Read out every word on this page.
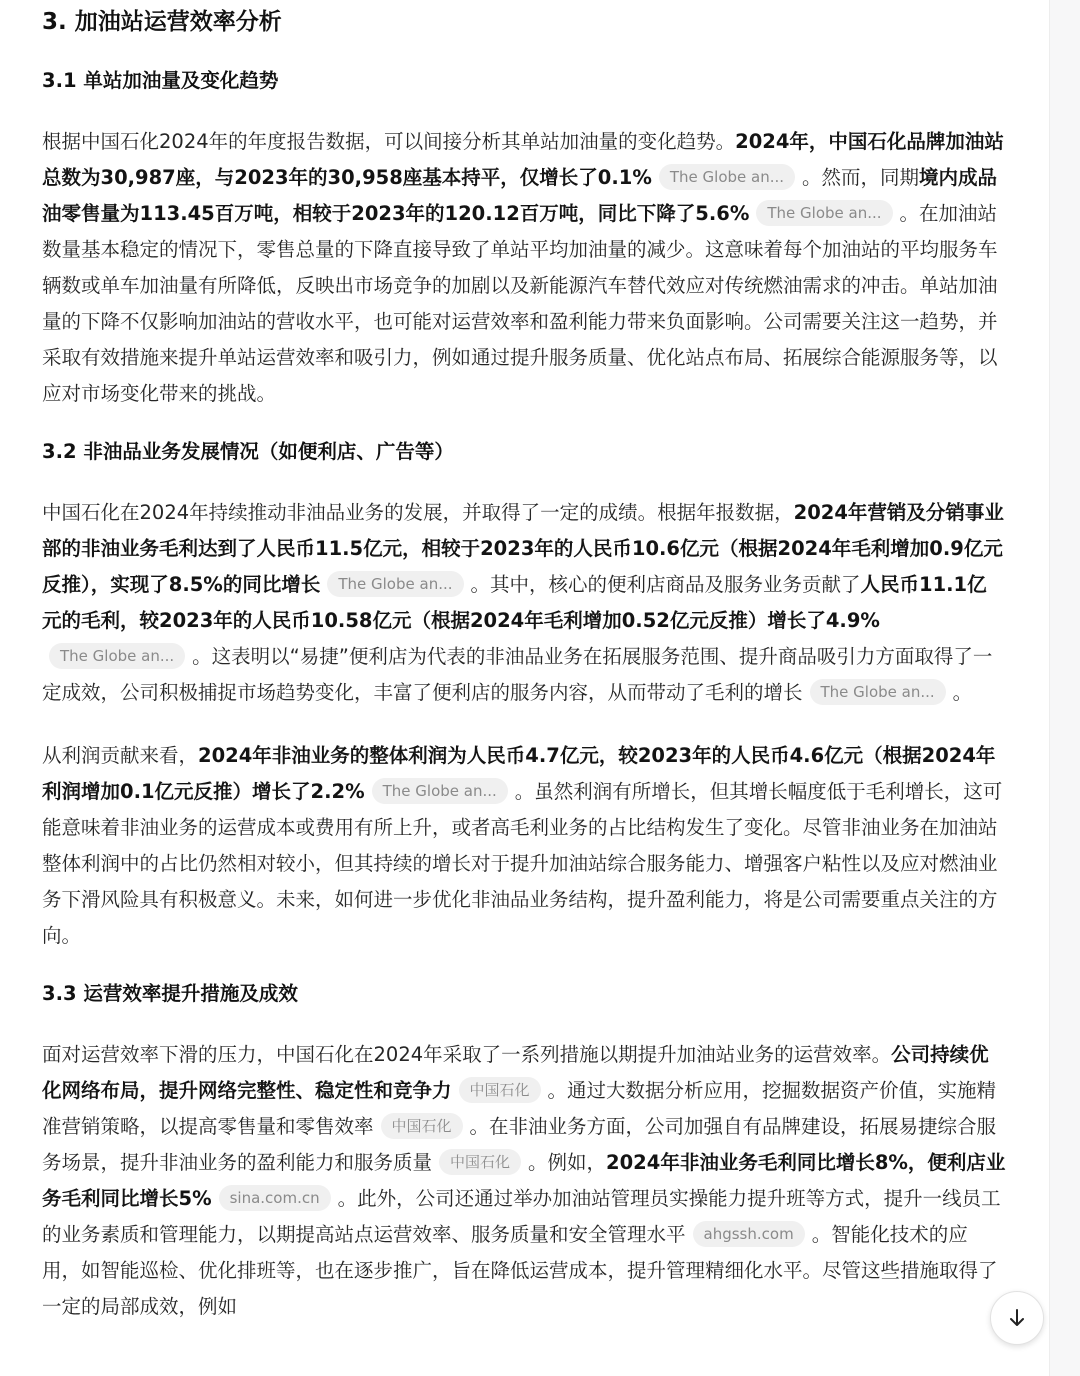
3. 加油站运营效率分析
3.1 单站加油量及变化趋势

根据中国石化2024年的年度报告数据，可以间接分析其单站加油量的变化趋势。2024年，中国石化品牌加油站总数为30,987座，与2023年的30,958座基本持平，仅增长了0.1% The Globe an... 。然而，同期境内成品油零售量为113.45百万吨，相较于2023年的120.12百万吨，同比下降了5.6% The Globe an... 。在加油站数量基本稳定的情况下，零售总量的下降直接导致了单站平均加油量的减少。这意味着每个加油站的平均服务车辆数或单车加油量有所降低，反映出市场竞争的加剧以及新能源汽车替代效应对传统燃油需求的冲击。单站加油量的下降不仅影响加油站的营收水平，也可能对运营效率和盈利能力带来负面影响。公司需要关注这一趋势，并采取有效措施来提升单站运营效率和吸引力，例如通过提升服务质量、优化站点布局、拓展综合能源服务等，以应对市场变化带来的挑战。

3.2 非油品业务发展情况（如便利店、广告等）

中国石化在2024年持续推动非油品业务的发展，并取得了一定的成绩。根据年报数据，2024年营销及分销事业部的非油业务毛利达到了人民币11.5亿元，相较于2023年的人民币10.6亿元（根据2024年毛利增加0.9亿元反推），实现了8.5%的同比增长 The Globe an... 。其中，核心的便利店商品及服务业务贡献了人民币11.1亿元的毛利，较2023年的人民币10.58亿元（根据2024年毛利增加0.52亿元反推）增长了4.9%The Globe an... 。这表明以“易捷”便利店为代表的非油品业务在拓展服务范围、提升商品吸引力方面取得了一定成效，公司积极捕捉市场趋势变化，丰富了便利店的服务内容，从而带动了毛利的增长 The Globe an... 。

从利润贡献来看，2024年非油业务的整体利润为人民币4.7亿元，较2023年的人民币4.6亿元（根据2024年利润增加0.1亿元反推）增长了2.2% The Globe an... 。虽然利润有所增长，但其增长幅度低于毛利增长，这可能意味着非油业务的运营成本或费用有所上升，或者高毛利业务的占比结构发生了变化。尽管非油业务在加油站整体利润中的占比仍然相对较小，但其持续的增长对于提升加油站综合服务能力、增强客户粘性以及应对燃油业务下滑风险具有积极意义。未来，如何进一步优化非油品业务结构，提升盈利能力，将是公司需要重点关注的方向。

3.3 运营效率提升措施及成效

面对运营效率下滑的压力，中国石化在2024年采取了一系列措施以期提升加油站业务的运营效率。公司持续优化网络布局，提升网络完整性、稳定性和竞争力 中国石化 。通过大数据分析应用，挖掘数据资产价值，实施精准营销策略，以提高零售量和零售效率 中国石化 。在非油业务方面，公司加强自有品牌建设，拓展易捷综合服务场景，提升非油业务的盈利能力和服务质量 中国石化 。例如，2024年非油业务毛利同比增长8%，便利店业务毛利同比增长5% sina.com.cn 。此外，公司还通过举办加油站管理员实操能力提升班等方式，提升一线员工的业务素质和管理能力，以期提高站点运营效率、服务质量和安全管理水平 ahgssh.com 。智能化技术的应用，如智能巡检、优化排班等，也在逐步推广，旨在降低运营成本，提升管理精细化水平。尽管这些措施取得了一定的局部成效，例如
